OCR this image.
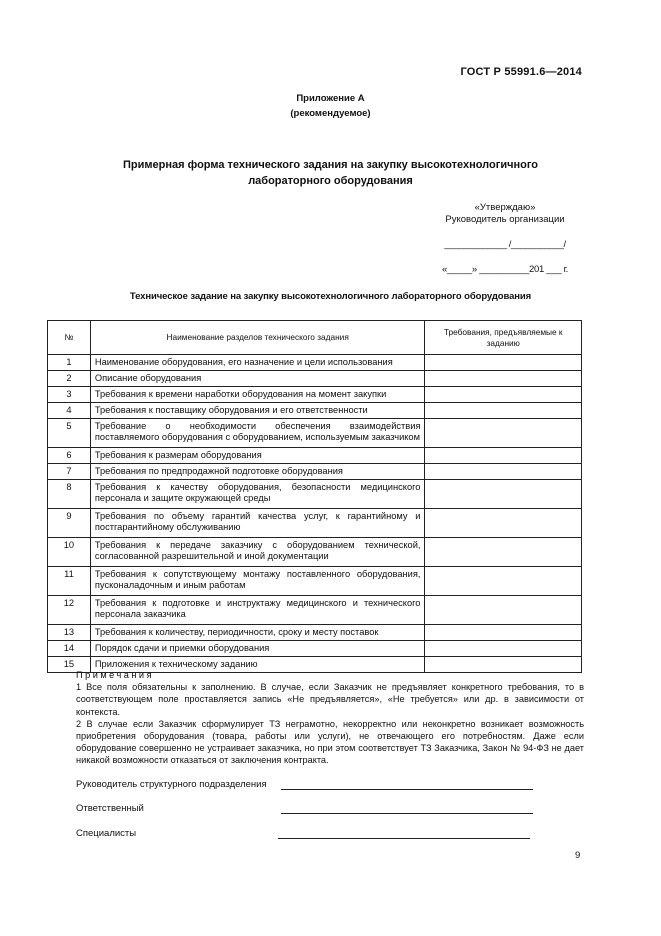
ГОСТ Р 55991.6—2014
Приложение А
(рекомендуемое)
Примерная форма технического задания на закупку высокотехнологичного
лабораторного оборудования
«Утверждаю»
Руководитель организации
_____________ /___________/
«_____» __________201 ___ г.
Техническое задание на закупку высокотехнологичного лабораторного оборудования
№	Наименование разделов технического задания	Требования, предъявляемые к заданию
1	Наименование оборудования, его назначение и цели использования	
2	Описание оборудования	
3	Требования к времени наработки оборудования на момент закупки	
4	Требования к поставщику оборудования и его ответственности	
5	Требование о необходимости обеспечения взаимодействия поставляемого оборудования с оборудованием, используемым заказчиком	
6	Требования к размерам оборудования	
7	Требования по предпродажной подготовке оборудования	
8	Требования к качеству оборудования, безопасности медицинского персонала и защите окружающей среды	
9	Требования по объему гарантий качества услуг, к гарантийному и постгарантийному обслуживанию	
10	Требования к передаче заказчику с оборудованием технической, согласованной разрешительной и иной документации	
11	Требования к сопутствующему монтажу поставленного оборудования, пусконаладочным и иным работам	
12	Требования к подготовке и инструктажу медицинского и технического персонала заказчика	
13	Требования к количеству, периодичности, сроку и месту поставок	
14	Порядок сдачи и приемки оборудования	
15	Приложения к техническому заданию	

Примечания

1 Все поля обязательны к заполнению. В случае, если Заказчик не предъявляет конкретного требования, то в соответствующем поле проставляется запись «Не предъявляется», «Не требуется» или др. в зависимости от контекста.

2 В случае если Заказчик сформулирует ТЗ неграмотно, некорректно или неконкретно возникает возможность приобретения оборудования (товара, работы или услуги), не отвечающего его потребностям. Даже если оборудование совершенно не устраивает заказчика, но при этом соответствует ТЗ Заказчика, Закон № 94-ФЗ не дает никакой возможности отказаться от заключения контракта.

Руководитель структурного подразделения
Ответственный
Специалисты
9
